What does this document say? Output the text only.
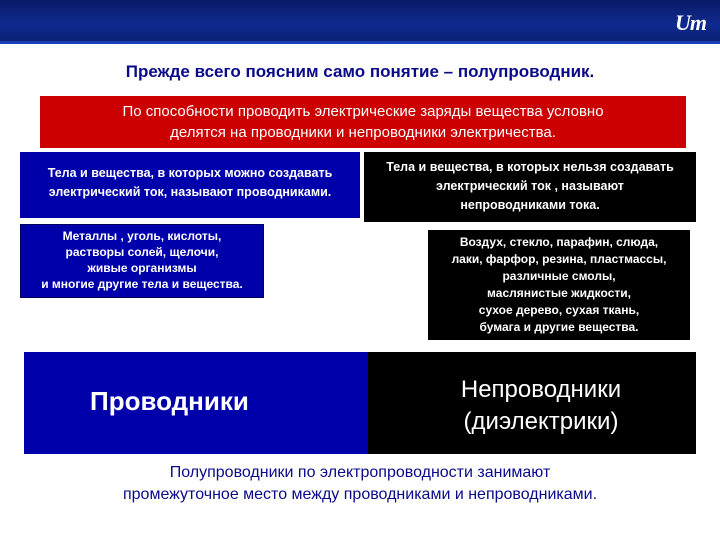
Um
Прежде всего поясним само понятие – полупроводник.
По способности проводить электрические заряды вещества условно
делятся на проводники и непроводники электричества.
Тела и вещества, в которых можно создавать
электрический ток, называют проводниками.
Тела и вещества, в которых нельзя создавать
электрический ток , называют
непроводниками тока.
Металлы , уголь, кислоты,
растворы солей, щелочи,
живые организмы
и многие другие тела и вещества.
Воздух, стекло, парафин, слюда,
лаки, фарфор, резина, пластмассы,
различные смолы,
маслянистые жидкости,
сухое дерево, сухая ткань,
бумага и другие вещества.
Проводники	Непроводники
(диэлектрики)
Полупроводники по электропроводности занимают
промежуточное место между проводниками и непроводниками.
